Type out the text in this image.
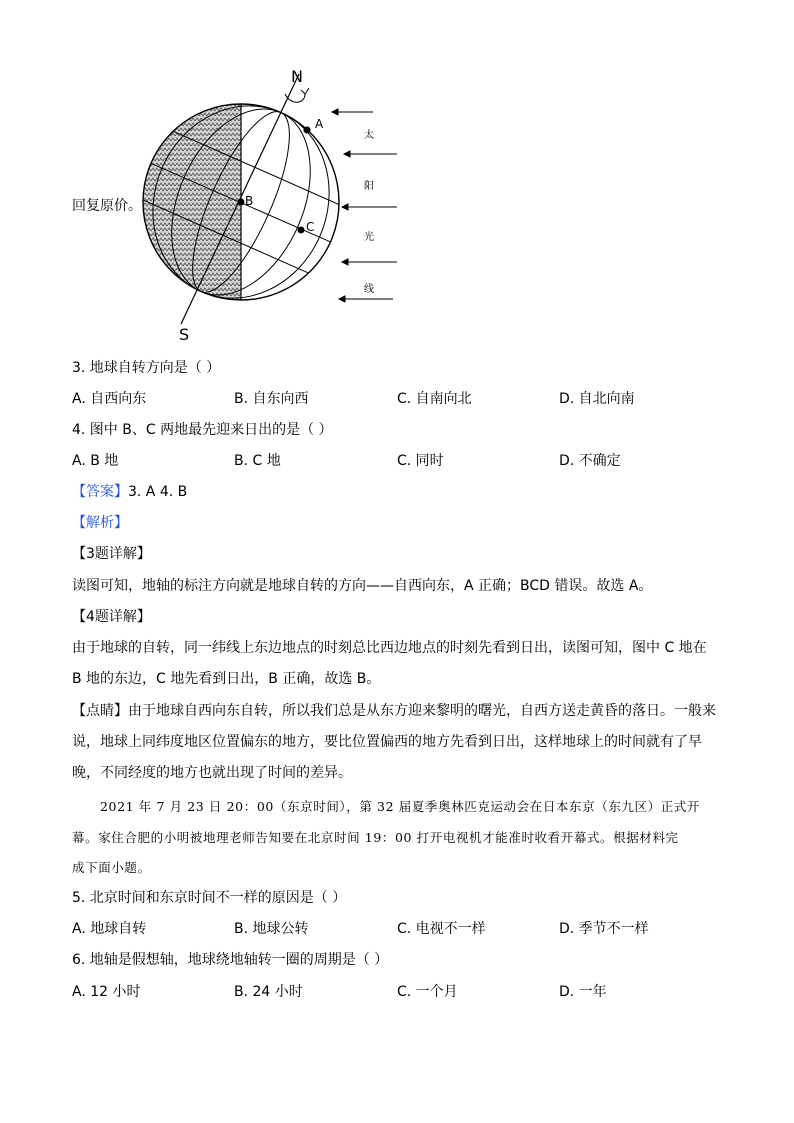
回复原价。
N
S
A
B
C
太
阳
光
线
3. 地球自转方向是（ ）
A. 自西向东	B. 自东向西	C. 自南向北	D. 自北向南
4. 图中 B、C 两地最先迎来日出的是（ ）
A. B 地	B. C 地	C. 同时	D. 不确定
【答案】3. A 4. B
【解析】
【3题详解】
读图可知，地轴的标注方向就是地球自转的方向——自西向东，A 正确；BCD 错误。故选 A。
【4题详解】
由于地球的自转，同一纬线上东边地点的时刻总比西边地点的时刻先看到日出，读图可知，图中 C 地在
B 地的东边，C 地先看到日出，B 正确，故选 B。
【点睛】由于地球自西向东自转，所以我们总是从东方迎来黎明的曙光，自西方送走黄昏的落日。一般来
说，地球上同纬度地区位置偏东的地方，要比位置偏西的地方先看到日出，这样地球上的时间就有了早
晚，不同经度的地方也就出现了时间的差异。
2021 年 7 月 23 日 20：00（东京时间），第 32 届夏季奥林匹克运动会在日本东京（东九区）正式开
幕。家住合肥的小明被地理老师告知要在北京时间 19：00 打开电视机才能准时收看开幕式。根据材料完
成下面小题。
5. 北京时间和东京时间不一样的原因是（ ）
A. 地球自转	B. 地球公转	C. 电视不一样	D. 季节不一样
6. 地轴是假想轴，地球绕地轴转一圈的周期是（ ）
A. 12 小时	B. 24 小时	C. 一个月	D. 一年
